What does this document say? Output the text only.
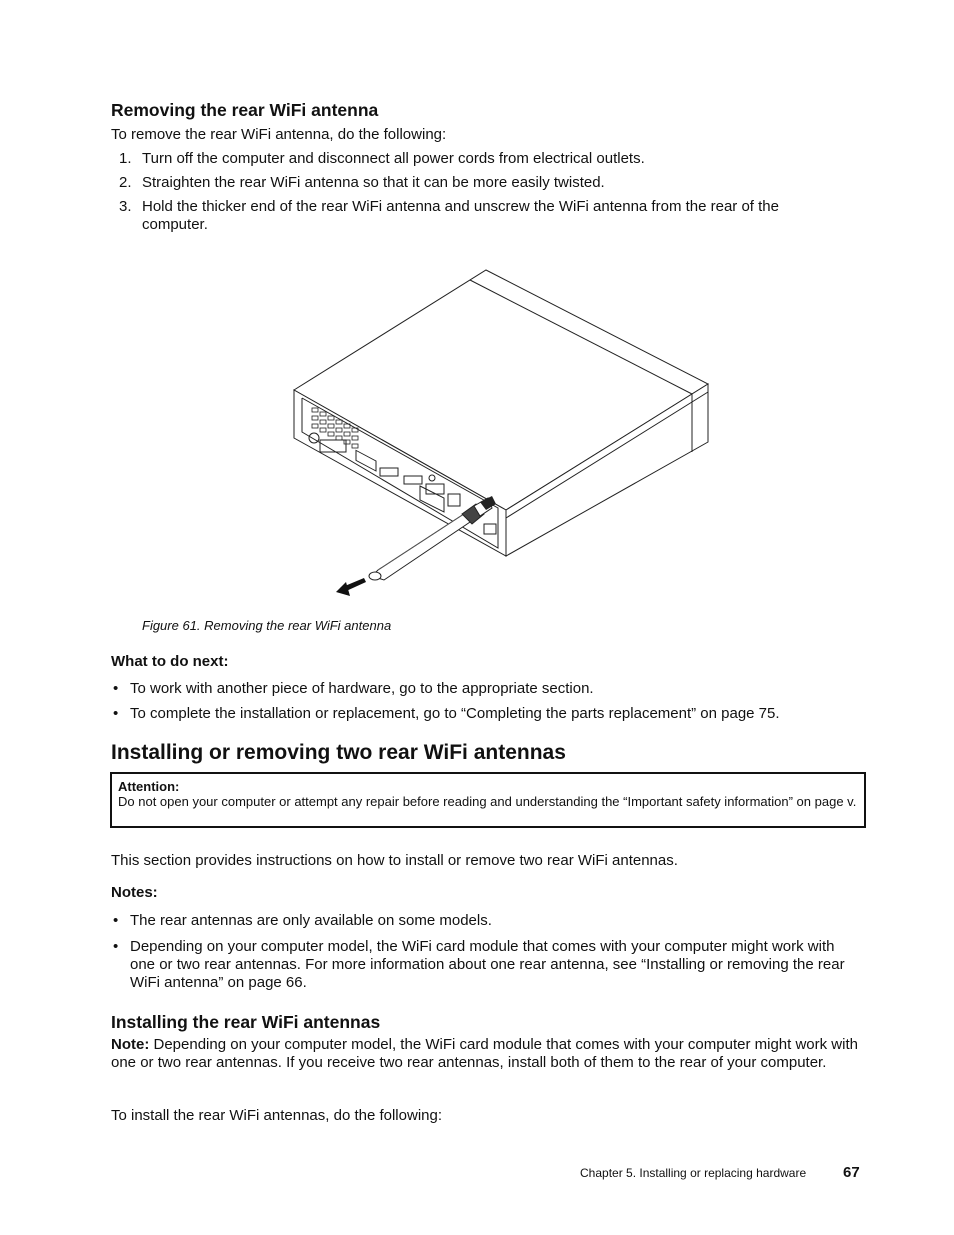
Removing the rear WiFi antenna
To remove the rear WiFi antenna, do the following:
1. Turn off the computer and disconnect all power cords from electrical outlets.
2. Straighten the rear WiFi antenna so that it can be more easily twisted.
3. Hold the thicker end of the rear WiFi antenna and unscrew the WiFi antenna from the rear of the computer.
Figure 61. Removing the rear WiFi antenna
What to do next:
• To work with another piece of hardware, go to the appropriate section.
• To complete the installation or replacement, go to “Completing the parts replacement” on page 75.
Installing or removing two rear WiFi antennas
Attention:
Do not open your computer or attempt any repair before reading and understanding the “Important safety information” on page v.
This section provides instructions on how to install or remove two rear WiFi antennas.
Notes:
• The rear antennas are only available on some models.
• Depending on your computer model, the WiFi card module that comes with your computer might work with one or two rear antennas. For more information about one rear antenna, see “Installing or removing the rear WiFi antenna” on page 66.
Installing the rear WiFi antennas
Note: Depending on your computer model, the WiFi card module that comes with your computer might work with one or two rear antennas. If you receive two rear antennas, install both of them to the rear of your computer.
To install the rear WiFi antennas, do the following:
Chapter 5. Installing or replacing hardware 67
